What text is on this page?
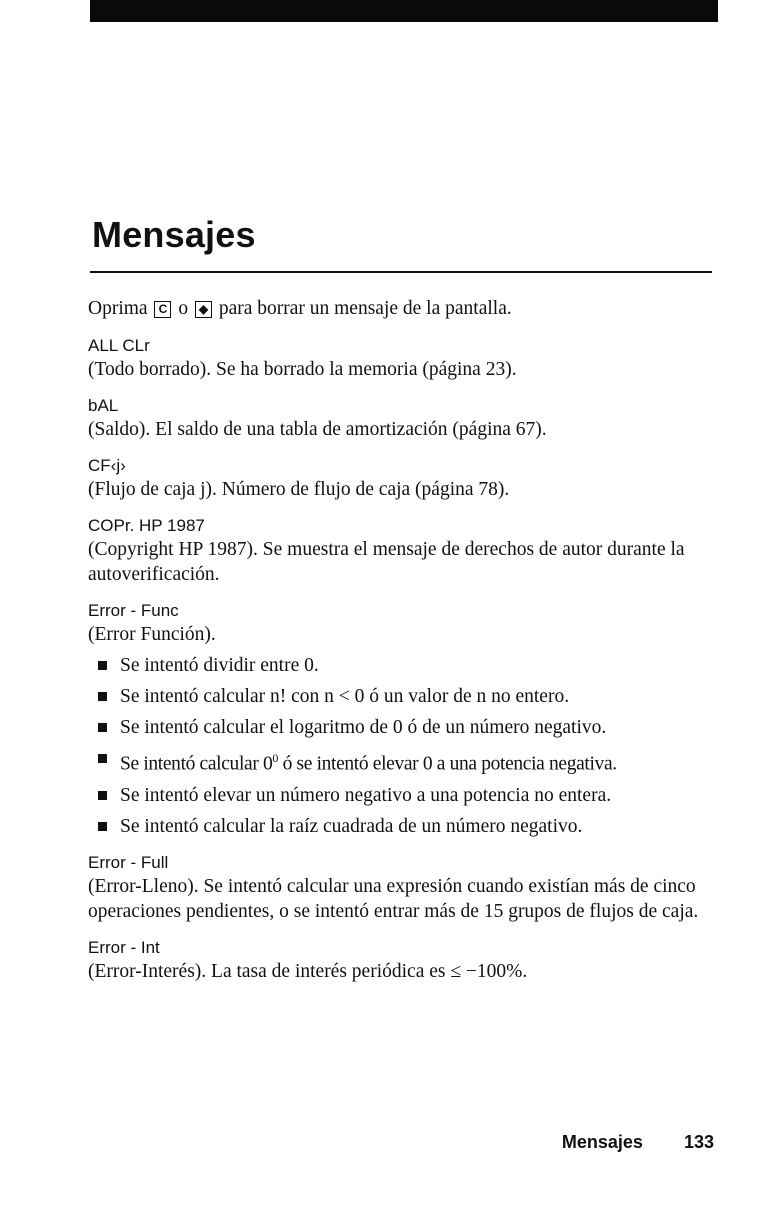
Mensajes

Oprima C o ◆ para borrar un mensaje de la pantalla.

ALL CLr
(Todo borrado). Se ha borrado la memoria (página 23).
bAL
(Saldo). El saldo de una tabla de amortización (página 67).
CF‹j›
(Flujo de caja j). Número de flujo de caja (página 78).
COPr. HP 1987
(Copyright HP 1987). Se muestra el mensaje de derechos de autor durante la autoverificación.
Error - Func
(Error Función).
Se intentó dividir entre 0.
Se intentó calcular n! con n < 0 ó un valor de n no entero.
Se intentó calcular el logaritmo de 0 ó de un número negativo.
Se intentó calcular $0^0$ ó se intentó elevar 0 a una potencia negativa.
Se intentó elevar un número negativo a una potencia no entera.
Se intentó calcular la raíz cuadrada de un número negativo.
Error - Full
(Error-Lleno). Se intentó calcular una expresión cuando existían más de cinco operaciones pendientes, o se intentó entrar más de 15 grupos de flujos de caja.
Error - Int
(Error-Interés). La tasa de interés periódica es ≤ −100%.
Mensajes 133
